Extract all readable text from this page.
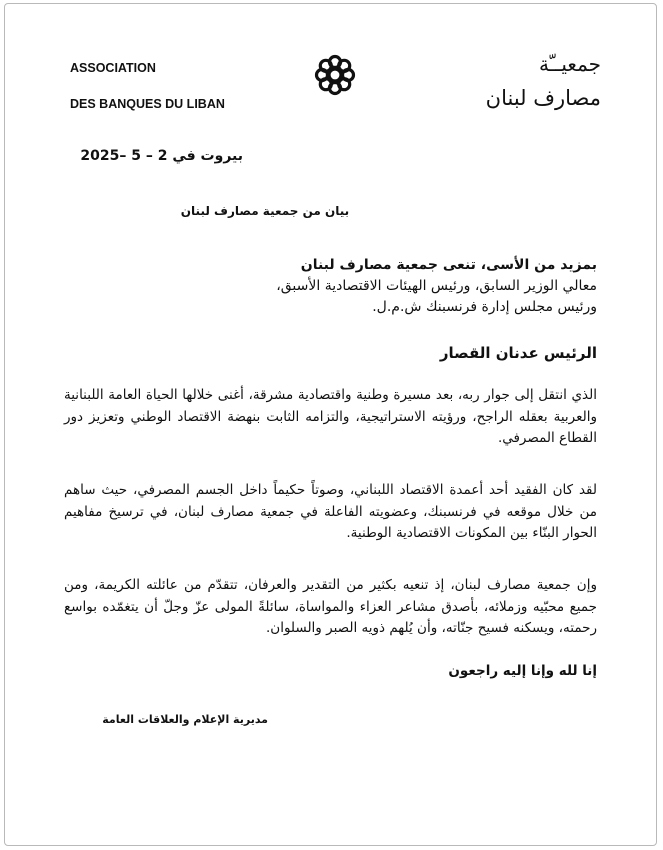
ASSOCIATION
DES BANQUES DU LIBAN
جمعيــّة
مصارف لبنان
بيروت في 2 – 5 –2025
بيان من جمعية مصارف لبنان
بمزيد من الأسى، تنعى جمعية مصارف لبنان
معالي الوزير السابق، ورئيس الهيئات الاقتصادية الأسبق،
ورئيس مجلس إدارة فرنسبنك ش.م.ل.
الرئيس عدنان القصار

الذي انتقل إلى جوار ربه، بعد مسيرة وطنية واقتصادية مشرقة، أغنى خلالها الحياة العامة اللبنانية والعربية بعقله الراجح، ورؤيته الاستراتيجية، والتزامه الثابت بنهضة الاقتصاد الوطني وتعزيز دور القطاع المصرفي.

لقد كان الفقيد أحد أعمدة الاقتصاد اللبناني، وصوتاً حكيماً داخل الجسم المصرفي، حيث ساهم من خلال موقعه في فرنسبنك، وعضويته الفاعلة في جمعية مصارف لبنان، في ترسيخ مفاهيم الحوار البنّاء بين المكونات الاقتصادية الوطنية.

وإن جمعية مصارف لبنان، إذ تنعيه بكثير من التقدير والعرفان، تتقدّم من عائلته الكريمة، ومن جميع محبّيه وزملائه، بأصدق مشاعر العزاء والمواساة، سائلةً المولى عزّ وجلّ أن يتغمّده بواسع رحمته، ويسكنه فسيح جنّاته، وأن يُلهم ذويه الصبر والسلوان.

إنا لله وإنا إليه راجعون
مديرية الإعلام والعلاقات العامة
